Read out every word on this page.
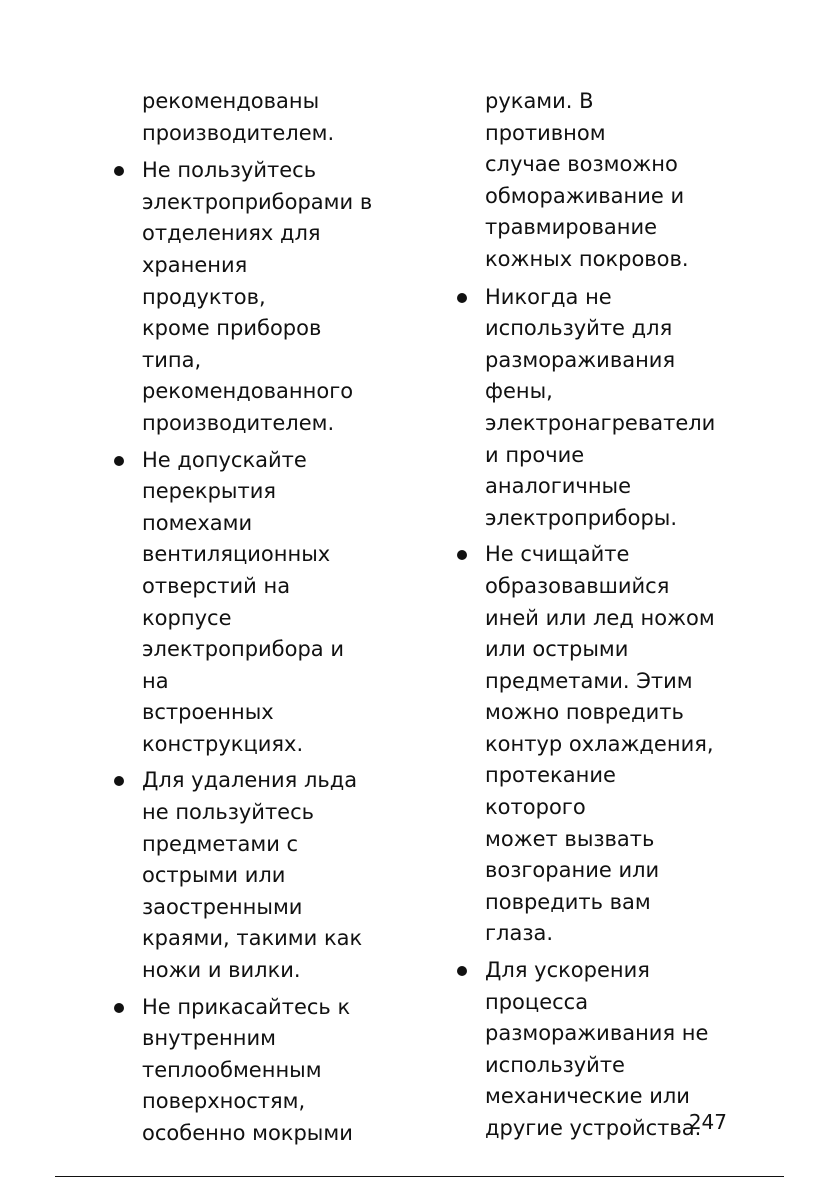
рекомендованы
производителем.

Не пользуйтесь
электроприборами в
отделениях для
хранения продуктов,
кроме приборов
типа,
рекомендованного
производителем.
Не допускайте
перекрытия
помехами
вентиляционных
отверстий на корпусе
электроприбора и на
встроенных
конструкциях.
Для удаления льда
не пользуйтесь
предметами с
острыми или
заостренными
краями, такими как
ножи и вилки.
Не прикасайтесь к
внутренним
теплообменным
поверхностям,
особенно мокрыми

руками. В противном
случае возможно
обмораживание и
травмирование
кожных покровов.

Никогда не
используйте для
размораживания
фены,
электронагреватели
и прочие
аналогичные
электроприборы.
Не счищайте
образовавшийся
иней или лед ножом
или острыми
предметами. Этим
можно повредить
контур охлаждения,
протекание которого
может вызвать
возгорание или
повредить вам глаза.
Для ускорения
процесса
размораживания не
используйте
механические или
другие устройства.
247
